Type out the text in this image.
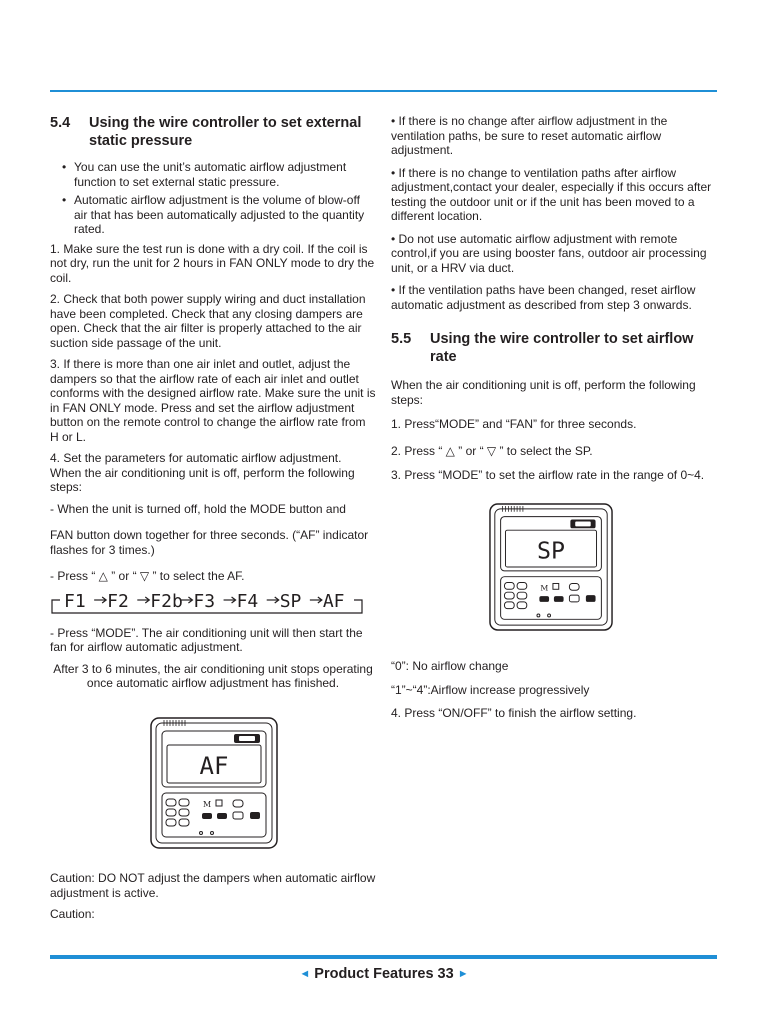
5.4	Using the wire controller to set external static pressure
• You can use the unit’s automatic airflow adjustment function to set external static pressure.
• Automatic airflow adjustment is the volume of blow-off air that has been automatically adjusted to the quantity rated.

1. Make sure the test run is done with a dry coil. If the coil is not dry, run the unit for 2 hours in FAN ONLY mode to dry the coil.

2. Check that both power supply wiring and duct installation have been completed. Check that any closing dampers are open. Check that the air filter is properly attached to the air suction side passage of the unit.

3. If there is more than one air inlet and outlet, adjust the dampers so that the airflow rate of each air inlet and outlet conforms with the designed airflow rate. Make sure the unit is in FAN ONLY mode. Press and set the airflow adjustment button on the remote control to change the airflow rate from H or L.

4. Set the parameters for automatic airflow adjustment. When the air conditioning unit is off, perform the following steps:

- When the unit is turned off, hold the MODE button and

FAN button down together for three seconds. (“AF” indicator flashes for 3 times.)

- Press “ △ ” or “ ▽ ” to select the AF.

F1 F2 F2b F3 F4 SP AF

- Press “MODE”. The air conditioning unit will then start the fan for airflow automatic adjustment.

After 3 to 6 minutes, the air conditioning unit stops operating once automatic airflow adjustment has finished.

AF
M

Caution: DO NOT adjust the dampers when automatic airflow adjustment is active.

Caution:

• If there is no change after airflow adjustment in the ventilation paths, be sure to reset automatic airflow adjustment.

• If there is no change to ventilation paths after airflow adjustment,contact your dealer, especially if this occurs after testing the outdoor unit or if the unit has been moved to a different location.

• Do not use automatic airflow adjustment with remote control,if you are using booster fans, outdoor air processing unit, or a HRV via duct.

• If the ventilation paths have been changed, reset airflow automatic adjustment as described from step 3 onwards.

5.5	Using the wire controller to set airflow rate

When the air conditioning unit is off, perform the following steps:

1. Press“MODE” and “FAN” for three seconds.

2. Press “ △ ” or “ ▽ ” to select the SP.

3. Press “MODE” to set the airflow rate in the range of 0~4.

SP
M

“0”: No airflow change

“1”~“4”:Airflow increase progressively

4. Press “ON/OFF” to finish the airflow setting.

◄ Product Features 33 ►
